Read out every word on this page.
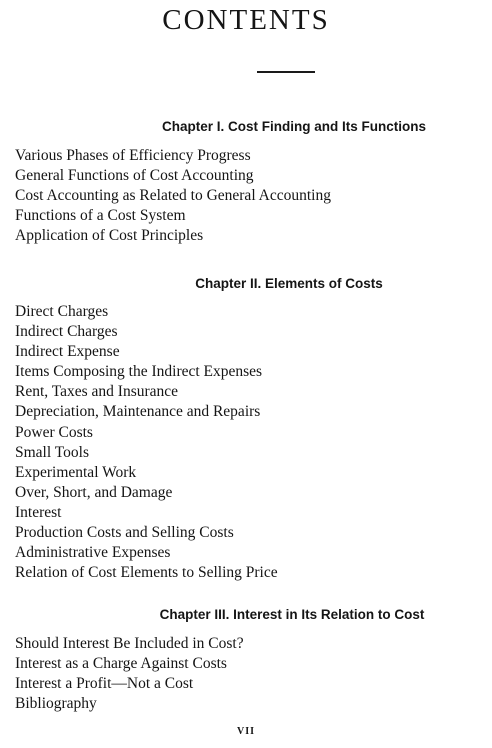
CONTENTS
Chapter I. Cost Finding and Its Functions
Various Phases of Efficiency Progress
General Functions of Cost Accounting
Cost Accounting as Related to General Accounting
Functions of a Cost System
Application of Cost Principles
Chapter II. Elements of Costs
Direct Charges
Indirect Charges
Indirect Expense
Items Composing the Indirect Expenses
Rent, Taxes and Insurance
Depreciation, Maintenance and Repairs
Power Costs
Small Tools
Experimental Work
Over, Short, and Damage
Interest
Production Costs and Selling Costs
Administrative Expenses
Relation of Cost Elements to Selling Price
Chapter III. Interest in Its Relation to Cost
Should Interest Be Included in Cost?
Interest as a Charge Against Costs
Interest a Profit—Not a Cost
Bibliography
VII
